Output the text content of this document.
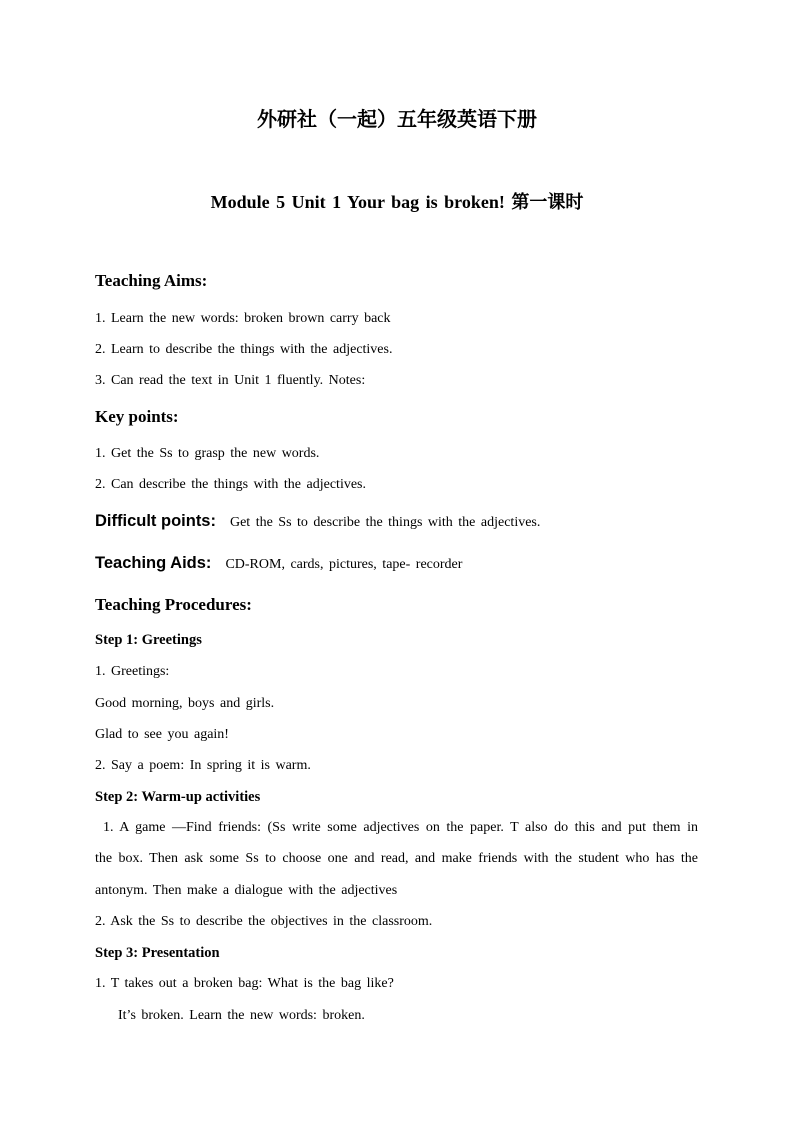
外研社（一起）五年级英语下册
Module 5 Unit 1 Your bag is broken! 第一课时
Teaching Aims:
1. Learn the new words: broken brown carry back
2. Learn to describe the things with the adjectives.
3. Can read the text in Unit 1 fluently. Notes:
Key points:
1. Get the Ss to grasp the new words.
2. Can describe the things with the adjectives.
Difficult points: Get the Ss to describe the things with the adjectives.
Teaching Aids: CD-ROM, cards, pictures, tape- recorder
Teaching Procedures:
Step 1: Greetings
1. Greetings:
Good morning, boys and girls.
Glad to see you again!
2. Say a poem: In spring it is warm.
Step 2: Warm-up activities
1. A game —Find friends: (Ss write some adjectives on the paper. T also do this and put them in the box. Then ask some Ss to choose one and read, and make friends with the student who has the antonym. Then make a dialogue with the adjectives
2. Ask the Ss to describe the objectives in the classroom.
Step 3: Presentation
1. T takes out a broken bag: What is the bag like?
It’s broken. Learn the new words: broken.
